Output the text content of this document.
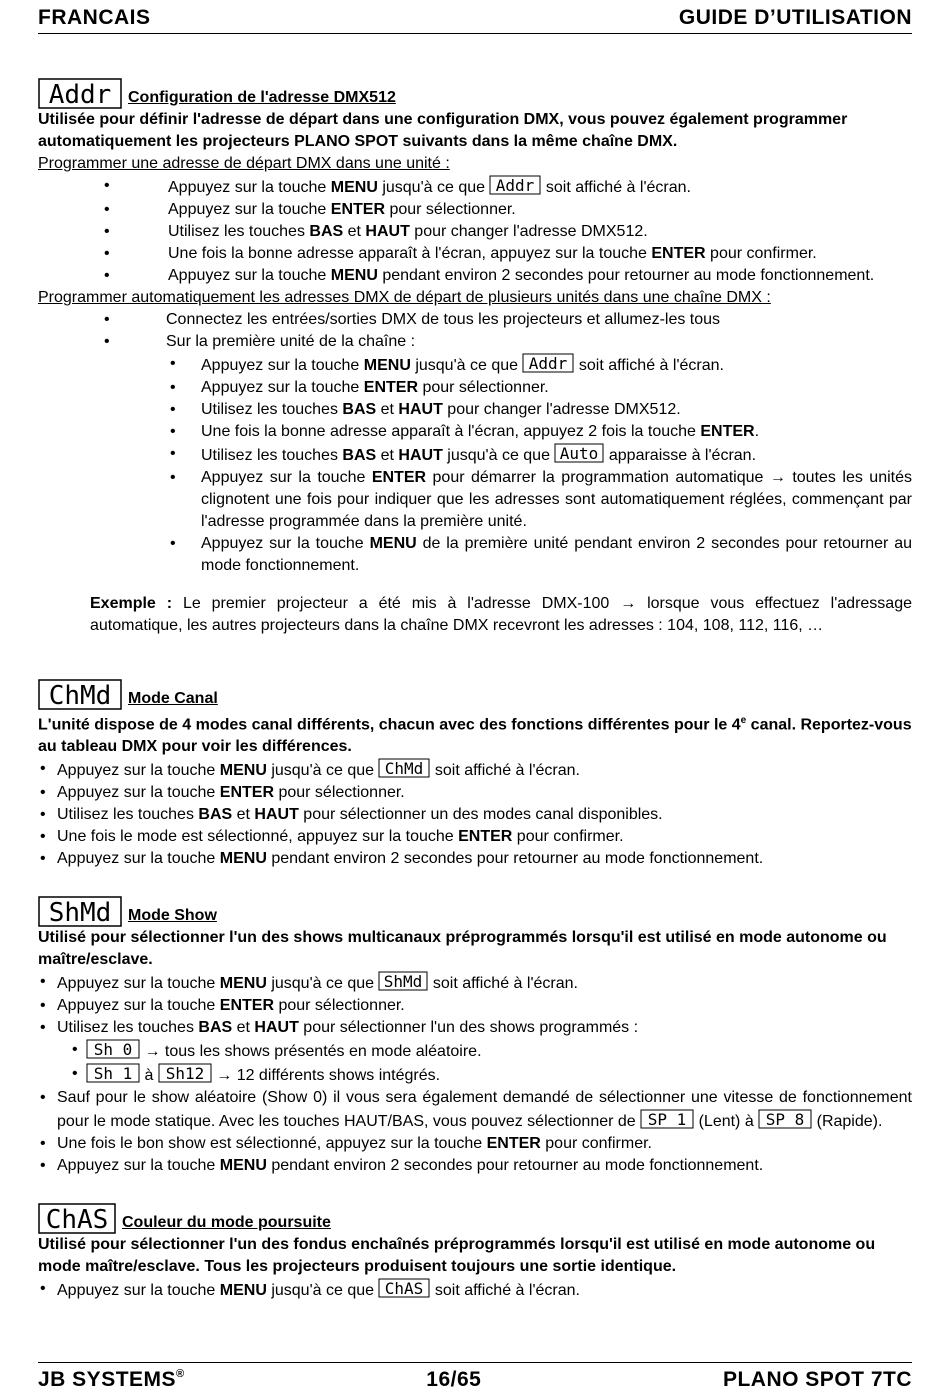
FRANCAIS	GUIDE D’UTILISATION
Addr Configuration de l'adresse DMX512

Utilisée pour définir l'adresse de départ dans une configuration DMX, vous pouvez également programmer automatiquement les projecteurs PLANO SPOT suivants dans la même chaîne DMX.

Programmer une adresse de départ DMX dans une unité :

• Appuyez sur la touche MENU jusqu'à ce que Addr soit affiché à l'écran.
• Appuyez sur la touche ENTER pour sélectionner.
• Utilisez les touches BAS et HAUT pour changer l'adresse DMX512.
• Une fois la bonne adresse apparaît à l'écran, appuyez sur la touche ENTER pour confirmer.
• Appuyez sur la touche MENU pendant environ 2 secondes pour retourner au mode fonctionnement.

Programmer automatiquement les adresses DMX de départ de plusieurs unités dans une chaîne DMX :

• Connectez les entrées/sorties DMX de tous les projecteurs et allumez-les tous
• Sur la première unité de la chaîne :
• Appuyez sur la touche MENU jusqu'à ce que Addr soit affiché à l'écran.
• Appuyez sur la touche ENTER pour sélectionner.
• Utilisez les touches BAS et HAUT pour changer l'adresse DMX512.
• Une fois la bonne adresse apparaît à l'écran, appuyez 2 fois la touche ENTER.
• Utilisez les touches BAS et HAUT jusqu'à ce que Auto apparaisse à l'écran.
• Appuyez sur la touche ENTER pour démarrer la programmation automatique → toutes les unités clignotent une fois pour indiquer que les adresses sont automatiquement réglées, commençant par l'adresse programmée dans la première unité.
• Appuyez sur la touche MENU de la première unité pendant environ 2 secondes pour retourner au mode fonctionnement.

Exemple : Le premier projecteur a été mis à l'adresse DMX-100 → lorsque vous effectuez l'adressage automatique, les autres projecteurs dans la chaîne DMX recevront les adresses : 104, 108, 112, 116, …

ChMd Mode Canal

L'unité dispose de 4 modes canal différents, chacun avec des fonctions différentes pour le 4e canal. Reportez-vous au tableau DMX pour voir les différences.

• Appuyez sur la touche MENU jusqu'à ce que ChMd soit affiché à l'écran.
• Appuyez sur la touche ENTER pour sélectionner.
• Utilisez les touches BAS et HAUT pour sélectionner un des modes canal disponibles.
• Une fois le mode est sélectionné, appuyez sur la touche ENTER pour confirmer.
• Appuyez sur la touche MENU pendant environ 2 secondes pour retourner au mode fonctionnement.
ShMd Mode Show

Utilisé pour sélectionner l'un des shows multicanaux préprogrammés lorsqu'il est utilisé en mode autonome ou maître/esclave.

• Appuyez sur la touche MENU jusqu'à ce que ShMd soit affiché à l'écran.
• Appuyez sur la touche ENTER pour sélectionner.
• Utilisez les touches BAS et HAUT pour sélectionner l'un des shows programmés :
• Sh 0 → tous les shows présentés en mode aléatoire.
• Sh 1 à Sh12 → 12 différents shows intégrés.
• Sauf pour le show aléatoire (Show 0) il vous sera également demandé de sélectionner une vitesse de fonctionnement pour le mode statique. Avec les touches HAUT/BAS, vous pouvez sélectionner de SP 1 (Lent) à SP 8 (Rapide).
• Une fois le bon show est sélectionné, appuyez sur la touche ENTER pour confirmer.
• Appuyez sur la touche MENU pendant environ 2 secondes pour retourner au mode fonctionnement.
ChAS Couleur du mode poursuite

Utilisé pour sélectionner l'un des fondus enchaînés préprogrammés lorsqu'il est utilisé en mode autonome ou mode maître/esclave. Tous les projecteurs produisent toujours une sortie identique.

• Appuyez sur la touche MENU jusqu'à ce que ChAS soit affiché à l'écran.
JB SYSTEMS®	16/65	PLANO SPOT 7TC
